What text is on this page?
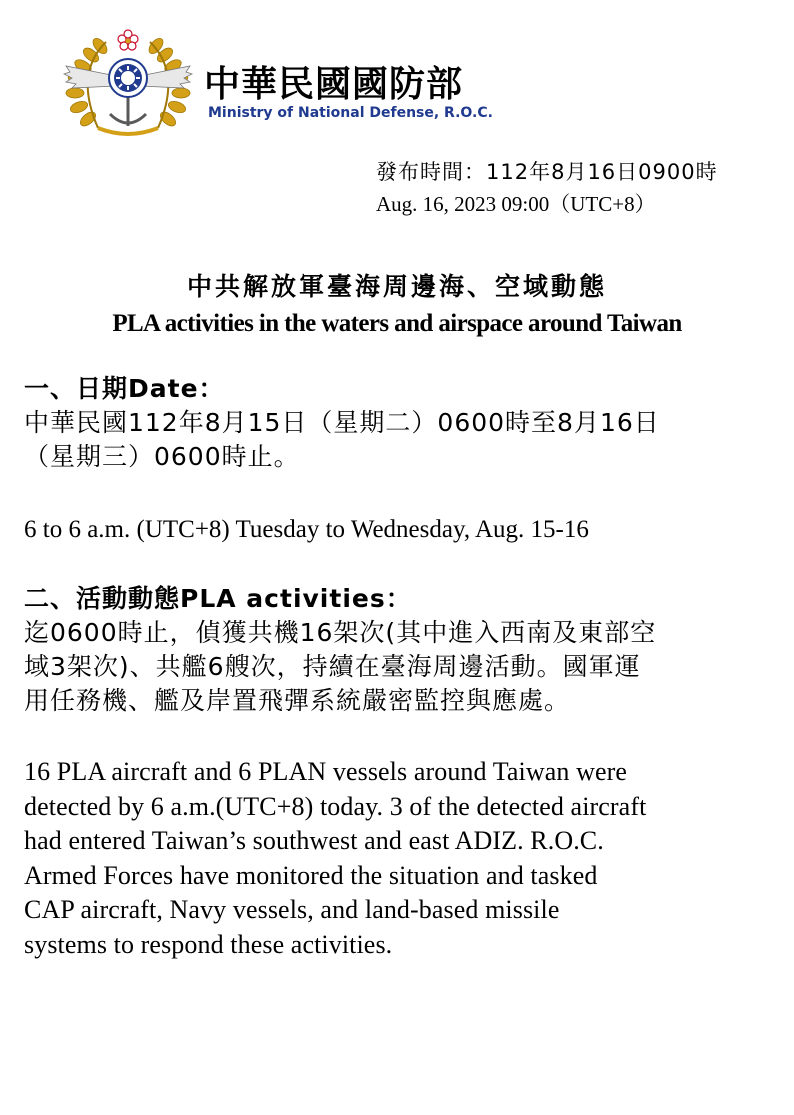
中華民國國防部
Ministry of National Defense, R.O.C.
發布時間：112年8月16日0900時
Aug. 16, 2023 09:00（UTC+8）
中共解放軍臺海周邊海、空域動態
PLA activities in the waters and airspace around Taiwan

一、日期Date：

中華民國112年8月15日（星期二）0600時至8月16日

（星期三）0600時止。

6 to 6 a.m. (UTC+8) Tuesday to Wednesday, Aug. 15-16

二、活動動態PLA activities：

迄0600時止，偵獲共機16架次(其中進入西南及東部空

域3架次)、共艦6艘次，持續在臺海周邊活動。國軍運

用任務機、艦及岸置飛彈系統嚴密監控與應處。

16 PLA aircraft and 6 PLAN vessels around Taiwan were

detected by 6 a.m.(UTC+8) today. 3 of the detected aircraft

had entered Taiwan’s southwest and east ADIZ. R.O.C.

Armed Forces have monitored the situation and tasked

CAP aircraft, Navy vessels, and land-based missile

systems to respond these activities.
